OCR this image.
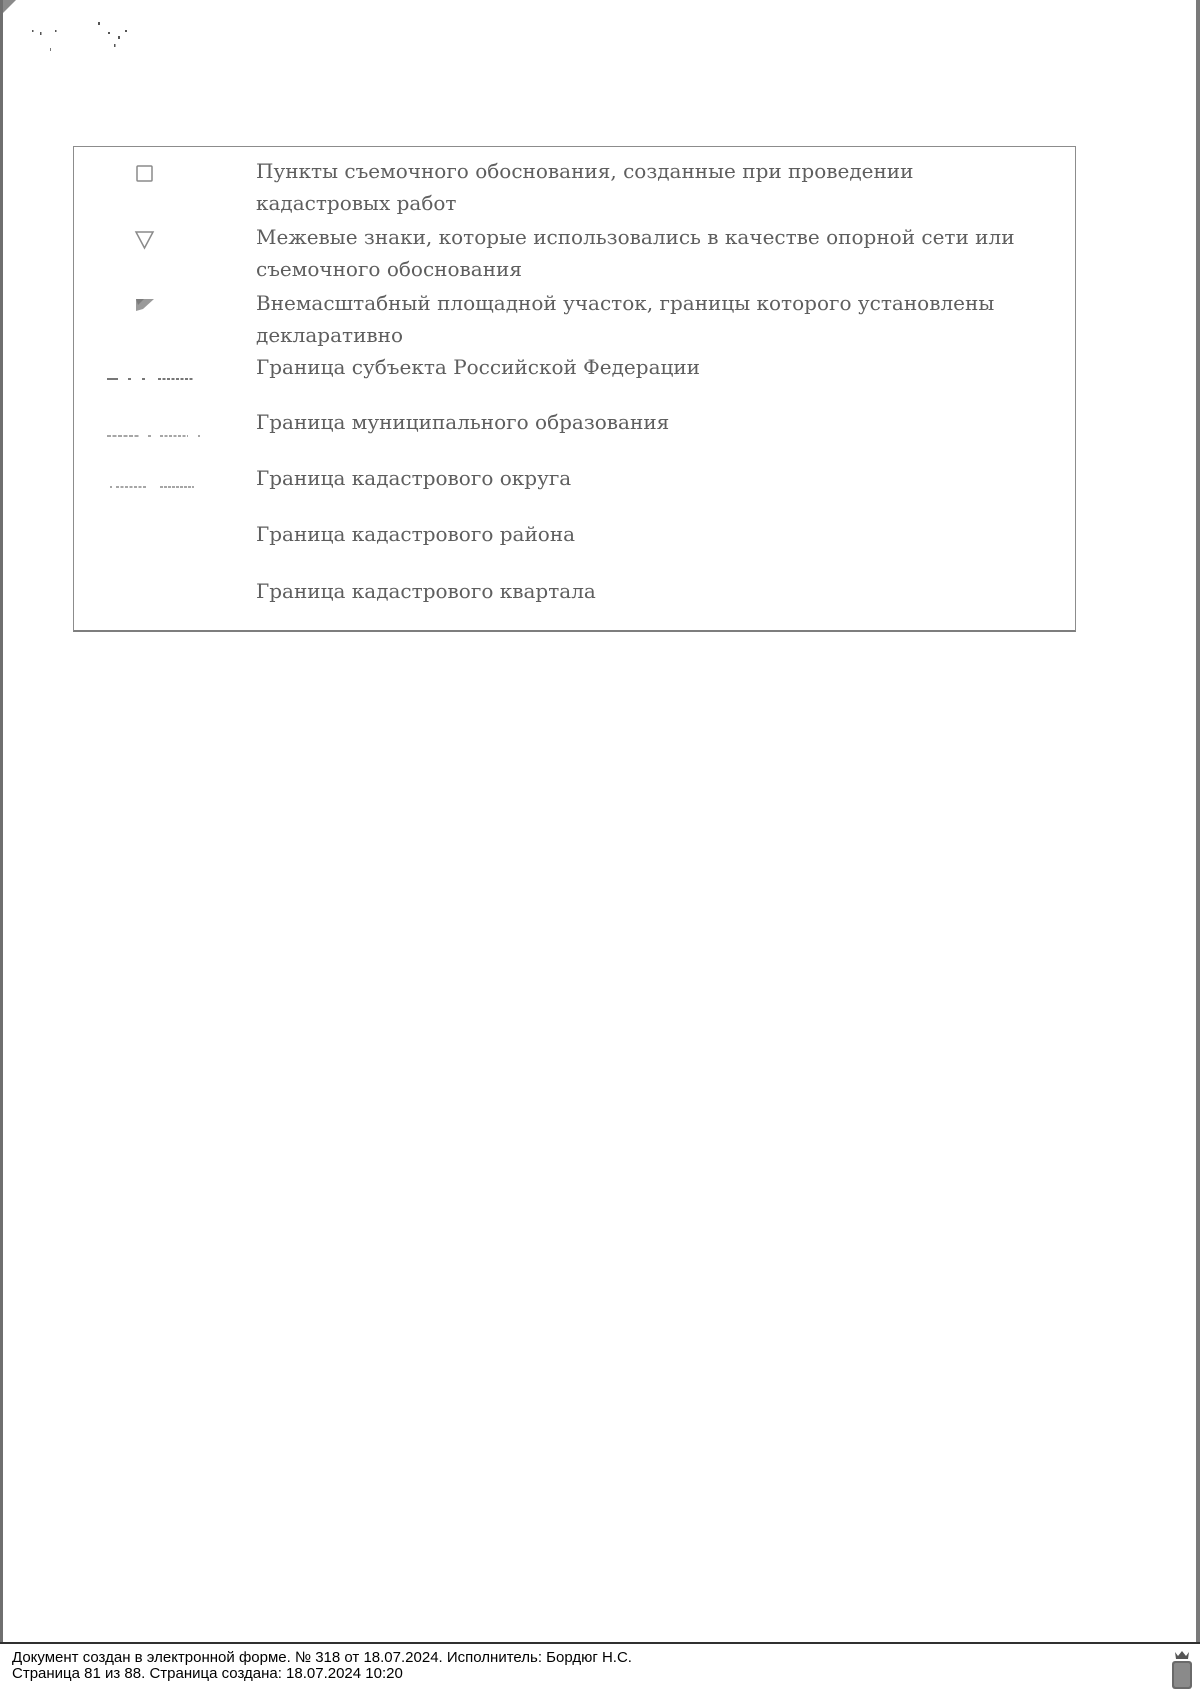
Пункты съемочного обоснования, созданные при проведении кадастровых работ
Межевые знаки, которые использовались в качестве опорной сети или съемочного обоснования
Внемасштабный площадной участок, границы которого установлены декларативно
Граница субъекта Российской Федерации
Граница муниципального образования
Граница кадастрового округа
Граница кадастрового района
Граница кадастрового квартала
Документ создан в электронной форме. № 318 от 18.07.2024. Исполнитель: Бордюг Н.С.
Страница 81 из 88. Страница создана: 18.07.2024 10:20
